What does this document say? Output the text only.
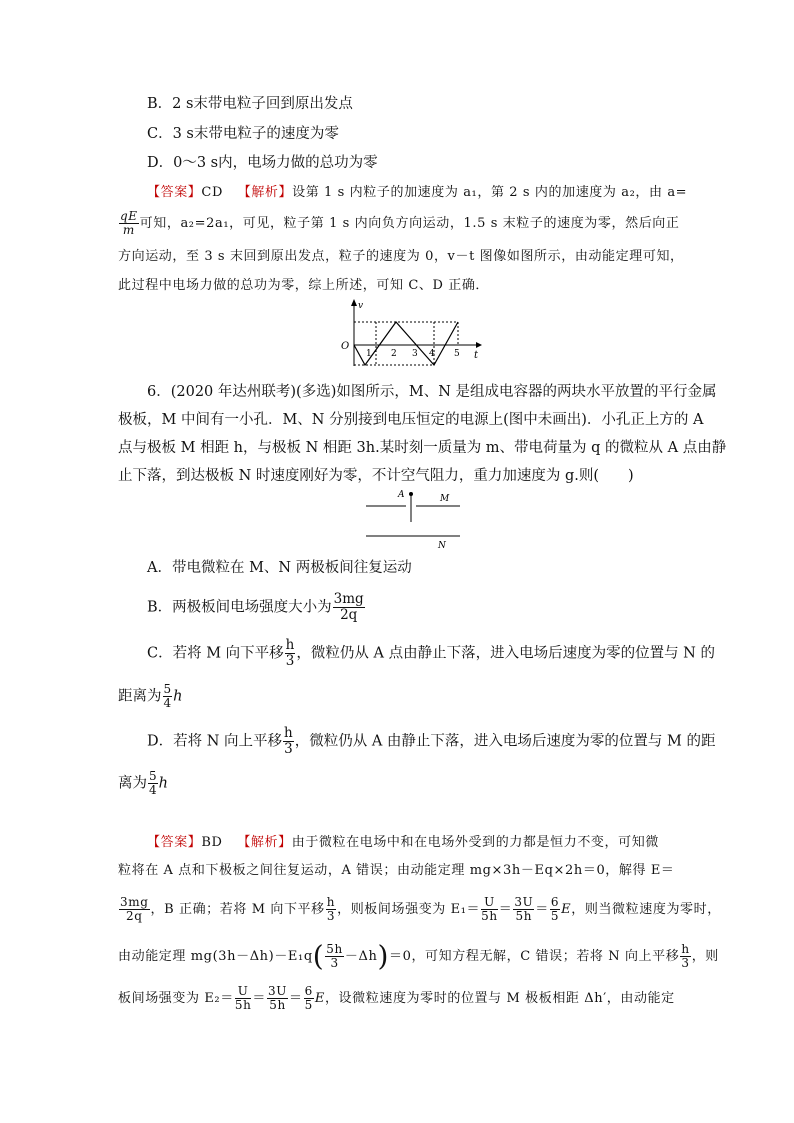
B．2 s末带电粒子回到原出发点
C．3 s末带电粒子的速度为零
D．0～3 s内，电场力做的总功为零
【答案】CD 【解析】设第 1 s 内粒子的加速度为 a₁，第 2 s 内的加速度为 a₂，由 a=
$\frac{qE}{m}$ 可知，a₂=2a₁，可见，粒子第 1 s 内向负方向运动，1.5 s 末粒子的速度为零，然后向正
方向运动，至 3 s 末回到原出发点，粒子的速度为 0，v－t 图像如图所示，由动能定理可知，
此过程中电场力做的总功为零，综上所述，可知 C、D 正确．
v
O
t
1 2 3 4 5
6．(2020 年达州联考)(多选)如图所示，M、N 是组成电容器的两块水平放置的平行金属
极板，M 中间有一小孔．M、N 分别接到电压恒定的电源上(图中未画出)．小孔正上方的 A
点与极板 M 相距 h，与极板 N 相距 3h.某时刻一质量为 m、带电荷量为 q 的微粒从 A 点由静
止下落，到达极板 N 时速度刚好为零，不计空气阻力，重力加速度为 g.则(　　)
A	M
N
A．带电微粒在 M、N 两极板间往复运动
B．两极板间电场强度大小为 $\frac{3mg}{2q}$
C．若将 M 向下平移 $\frac{h}{3}$ ，微粒仍从 A 点由静止下落，进入电场后速度为零的位置与 N 的
距离为 $\frac{5}{4}$ h
D．若将 N 向上平移 $\frac{h}{3}$ ，微粒仍从 A 由静止下落，进入电场后速度为零的位置与 M 的距
离为 $\frac{5}{4}$ h
【答案】BD 【解析】由于微粒在电场中和在电场外受到的力都是恒力不变，可知微
粒将在 A 点和下极板之间往复运动，A 错误；由动能定理 mg×3h－Eq×2h＝0，解得 E＝
$\frac{3mg}{2q}$ ，B 正确；若将 M 向下平移 $\frac{h}{3}$ ，则板间场强变为 $E_1= \frac{U}{5h} = \frac{3U}{5h} = \frac{6}{5}$ E，则当微粒速度为零时，
由动能定理 $mg(3h-\Delta h)-E_1q( \frac{5h}{3} -\Delta h)=0$，可知方程无解，C 错误；若将 N 向上平移 $\frac{h}{3}$ ，则
板间场强变为 $E_2= \frac{U}{5h} = \frac{3U}{5h} = \frac{6}{5}$ E，设微粒速度为零时的位置与 M 极板相距 Δh′，由动能定
